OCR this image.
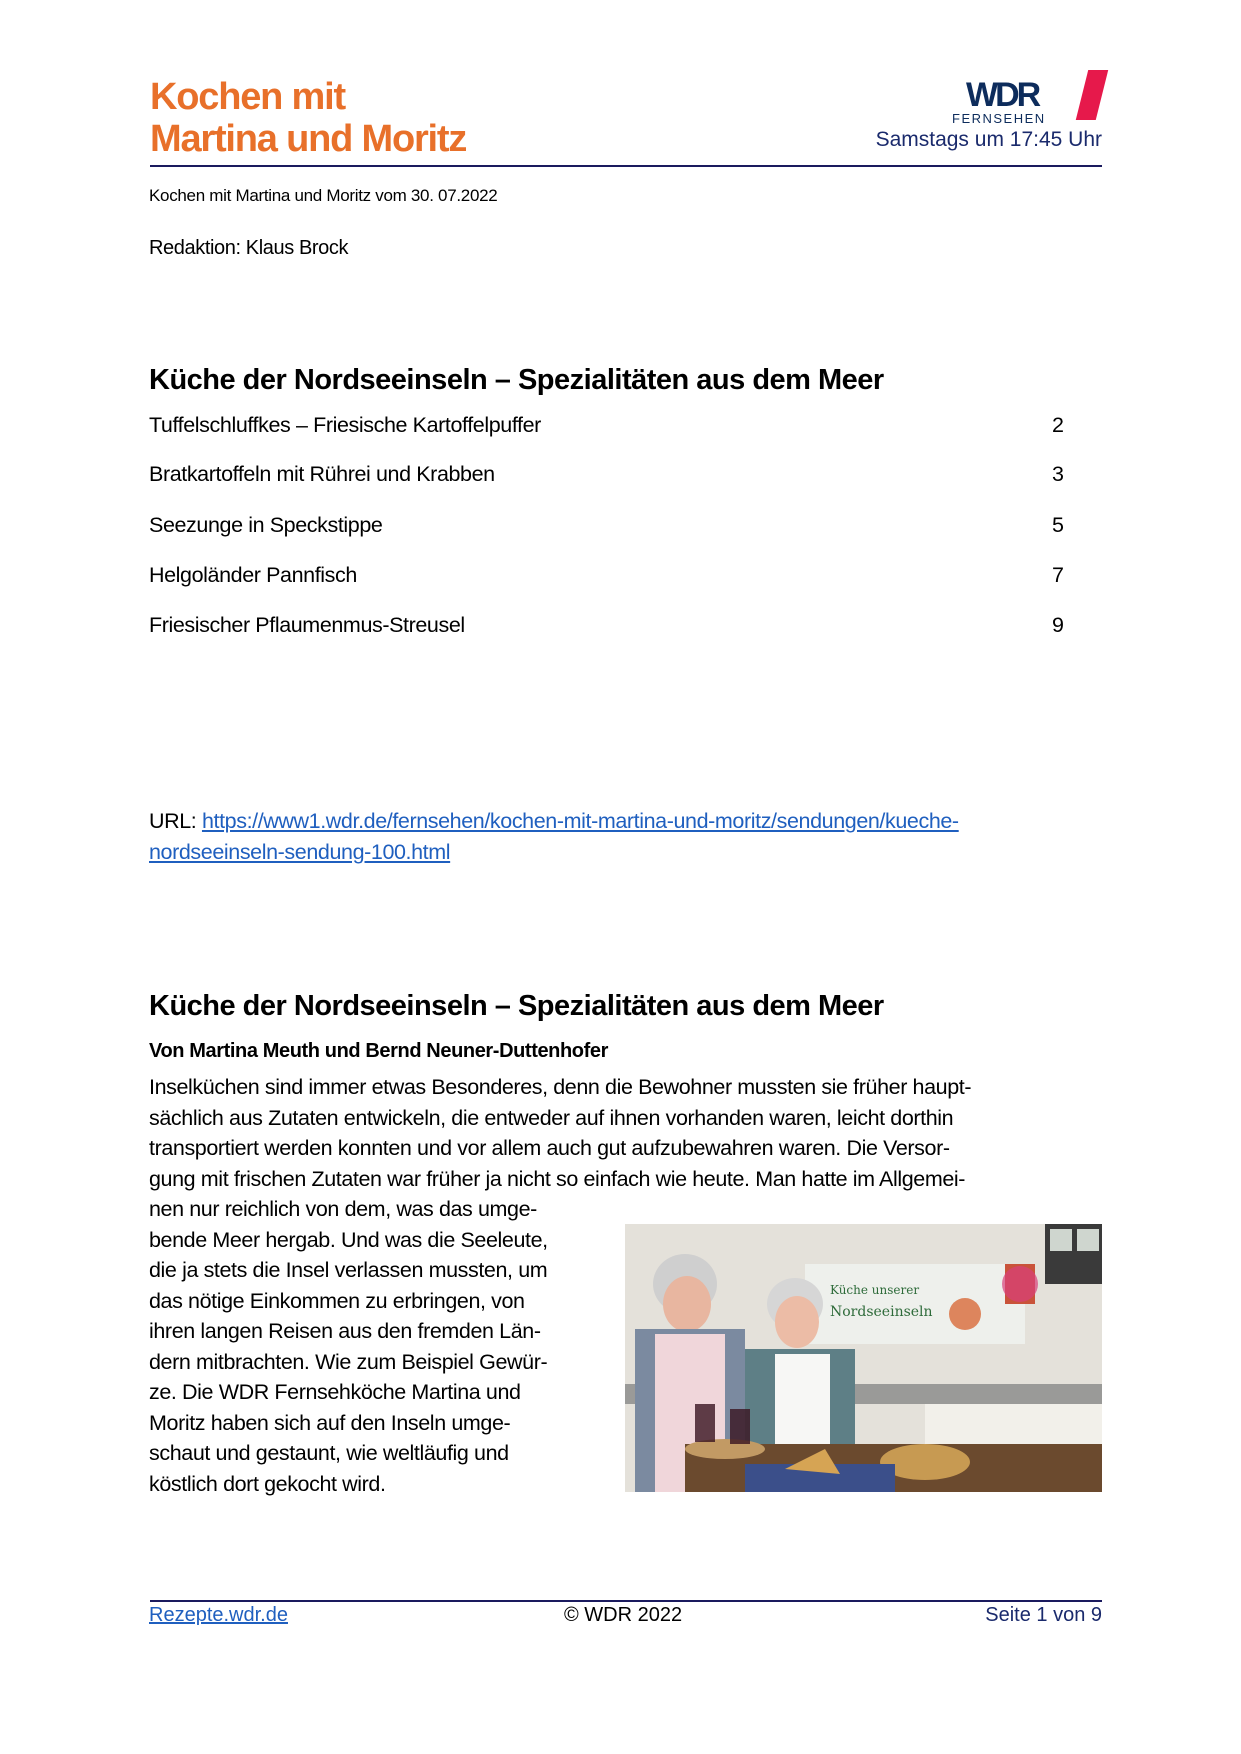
Kochen mit
Martina und Moritz
WDR
FERNSEHEN
Samstags um 17:45 Uhr
Kochen mit Martina und Moritz vom 30. 07.2022
Redaktion: Klaus Brock
Küche der Nordseeinseln – Spezialitäten aus dem Meer
Tuffelschluffkes – Friesische Kartoffelpuffer	2
Bratkartoffeln mit Rührei und Krabben	3
Seezunge in Speckstippe	5
Helgoländer Pannfisch	7
Friesischer Pflaumenmus-Streusel	9
URL: https://www1.wdr.de/fernsehen/kochen-mit-martina-und-moritz/sendungen/kueche-
nordseeinseln-sendung-100.html
Küche der Nordseeinseln – Spezialitäten aus dem Meer
Von Martina Meuth und Bernd Neuner-Duttenhofer
Inselküchen sind immer etwas Besonderes, denn die Bewohner mussten sie früher haupt-
sächlich aus Zutaten entwickeln, die entweder auf ihnen vorhanden waren, leicht dorthin
transportiert werden konnten und vor allem auch gut aufzubewahren waren. Die Versor-
gung mit frischen Zutaten war früher ja nicht so einfach wie heute. Man hatte im Allgemei-
nen nur reichlich von dem, was das umge-
bende Meer hergab. Und was die Seeleute,
die ja stets die Insel verlassen mussten, um
das nötige Einkommen zu erbringen, von
ihren langen Reisen aus den fremden Län-
dern mitbrachten. Wie zum Beispiel Gewür-
ze. Die WDR Fernsehköche Martina und
Moritz haben sich auf den Inseln umge-
schaut und gestaunt, wie weltläufig und
köstlich dort gekocht wird.
Küche unserer
Nordseeinseln
Rezepte.wdr.de	© WDR 2022	Seite 1 von 9
